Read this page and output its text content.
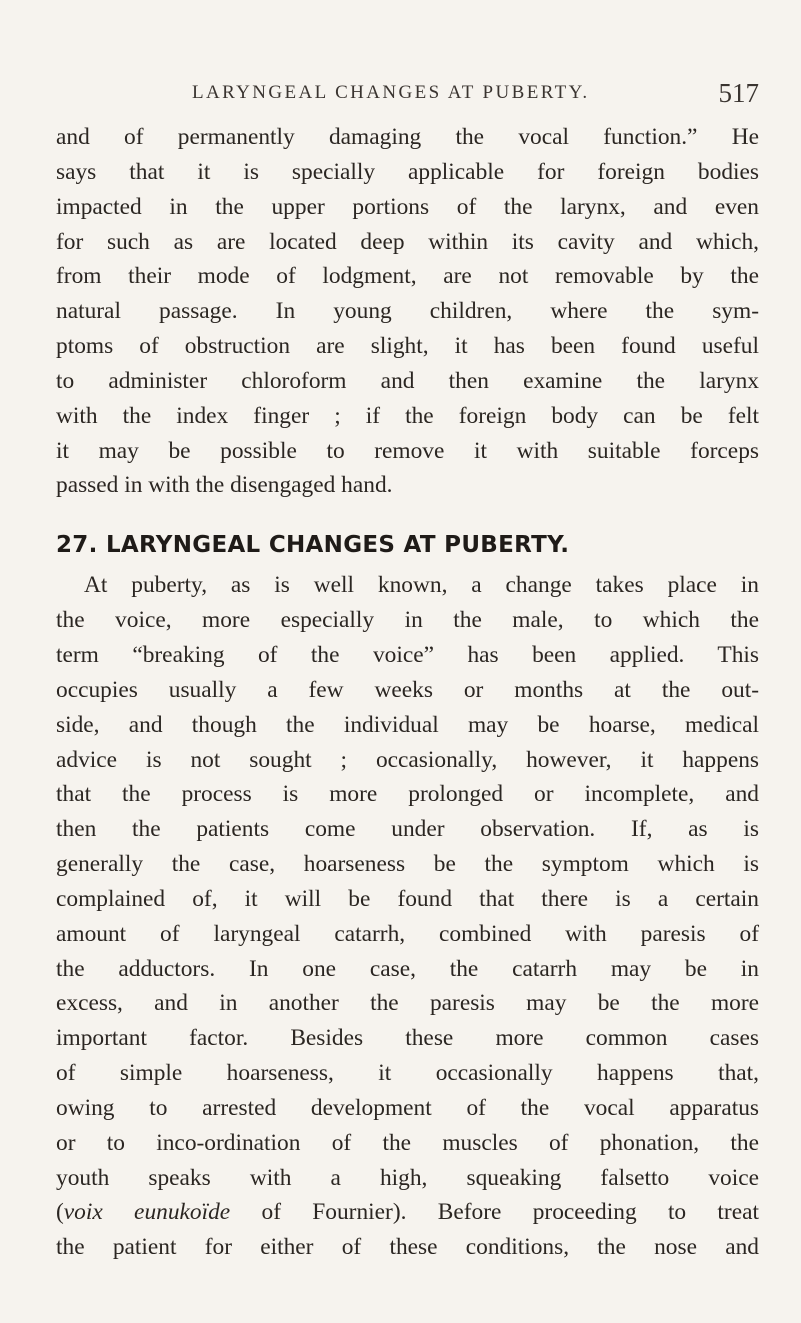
LARYNGEAL CHANGES AT PUBERTY.	517

and of permanently damaging the vocal function.” He
says that it is specially applicable for foreign bodies
impacted in the upper portions of the larynx, and even
for such as are located deep within its cavity and which,
from their mode of lodgment, are not removable by the
natural passage. In young children, where the sym-
ptoms of obstruction are slight, it has been found useful
to administer chloroform and then examine the larynx
with the index finger ; if the foreign body can be felt
it may be possible to remove it with suitable forceps
passed in with the disengaged hand.

27. LARYNGEAL CHANGES AT PUBERTY.

At puberty, as is well known, a change takes place in
the voice, more especially in the male, to which the
term “breaking of the voice” has been applied. This
occupies usually a few weeks or months at the out-
side, and though the individual may be hoarse, medical
advice is not sought ; occasionally, however, it happens
that the process is more prolonged or incomplete, and
then the patients come under observation. If, as is
generally the case, hoarseness be the symptom which is
complained of, it will be found that there is a certain
amount of laryngeal catarrh, combined with paresis of
the adductors. In one case, the catarrh may be in
excess, and in another the paresis may be the more
important factor. Besides these more common cases
of simple hoarseness, it occasionally happens that,
owing to arrested development of the vocal apparatus
or to inco-ordination of the muscles of phonation, the
youth speaks with a high, squeaking falsetto voice
(voix eunukoïde of Fournier). Before proceeding to treat
the patient for either of these conditions, the nose and
